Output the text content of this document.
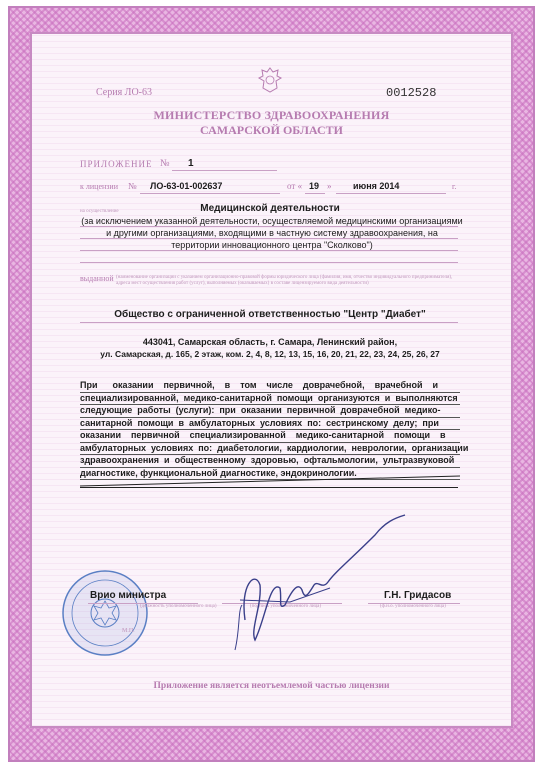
Серия ЛО-63	0012528
МИНИСТЕРСТВО ЗДРАВООХРАНЕНИЯ
САМАРСКОЙ ОБЛАСТИ
ПРИЛОЖЕНИЕ № 1
к лицензии № ЛО-63-01-002637	от « 19 » июня 2014	г.
на осуществление	Медицинской деятельности
(за исключением указанной деятельности, осуществляемой медицинскими организациями
и другими организациями, входящими в частную систему здравоохранения, на
территории инновационного центра "Сколково")
выданной (наименование организации с указанием организационно-правовой формы юридического лица (фамилия, имя, отчество индивидуального предпринимателя), адреса мест осуществления работ (услуг), выполняемых (оказываемых) в составе лицензируемого вида деятельности)
Общество с ограниченной ответственностью "Центр "Диабет"
443041, Самарская область, г. Самара, Ленинский район,
ул. Самарская, д. 165, 2 этаж, ком. 2, 4, 8, 12, 13, 15, 16, 20, 21, 22, 23, 24, 25, 26, 27
При      оказании    первичной,    в    том    числе    доврачебной,    врачебной    и
специализированной,  медико-санитарной  помощи  организуются  и  выполняются
следующие  работы  (услуги):  при  оказании  первичной  доврачебной  медико-
санитарной  помощи  в  амбулаторных  условиях  по:  сестринскому  делу;  при
оказании    первичной    специализированной    медико-санитарной    помощи    в
амбулаторных  условиях  по:  диабетологии,  кардиологии,  неврологии,  организации
здравоохранения  и  общественному  здоровью,  офтальмологии,  ультразвуковой
диагностике, функциональной диагностике, эндокринологии.
Врио министра
(должность уполномоченного лица)	(подпись уполномоченного лица)
Г.Н. Гридасов
(ф.и.о. уполномоченного лица)
М.П.
Приложение является неотъемлемой частью лицензии
